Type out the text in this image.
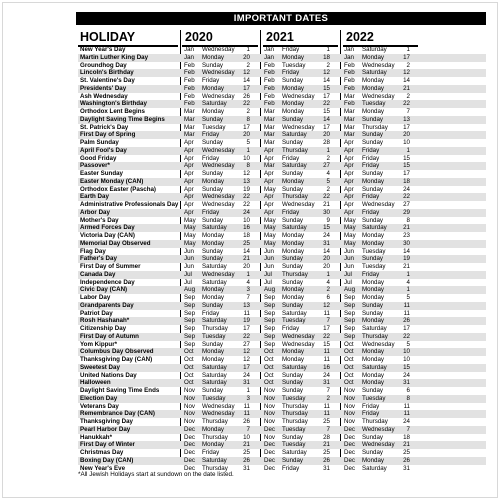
IMPORTANT DATES
HOLIDAY	2020	2021	2022
New Year's Day	Jan Wednesday	1 Jan Friday	1 Jan Saturday	1
Martin Luther King Day	Jan Monday	20 Jan Monday	18 Jan Monday	17
Groundhog Day	Feb Sunday	2 Feb Tuesday	2 Feb Wednesday	2
Lincoln's Birthday	Feb Wednesday	12 Feb Friday	12 Feb Saturday	12
St. Valentine's Day	Feb Friday	14 Feb Sunday	14 Feb Monday	14
Presidents' Day	Feb Monday	17 Feb Monday	15 Feb Monday	21
Ash Wednesday	Feb Wednesday	26 Feb Wednesday	17 Mar Wednesday	2
Washington's Birthday	Feb Saturday	22 Feb Monday	22 Feb Tuesday	22
Orthodox Lent Begins	Mar Monday	2 Mar Monday	15 Mar Monday	7
Daylight Saving Time Begins	Mar Sunday	8 Mar Sunday	14 Mar Sunday	13
St. Patrick's Day	Mar Tuesday	17 Mar Wednesday	17 Mar Thursday	17
First Day of Spring	Mar Friday	20 Mar Saturday	20 Mar Sunday	20
Palm Sunday	Apr Sunday	5 Mar Sunday	28 Apr Sunday	10
April Fool's Day	Apr Wednesday	1 Apr Thursday	1 Apr Friday	1
Good Friday	Apr Friday	10 Apr Friday	2 Apr Friday	15
Passover*	Apr Wednesday	8 Mar Saturday	27 Apr Friday	15
Easter Sunday	Apr Sunday	12 Apr Sunday	4 Apr Sunday	17
Easter Monday (CAN)	Apr Monday	13 Apr Monday	5 Apr Monday	18
Orthodox Easter (Pascha)	Apr Sunday	19 May Sunday	2 Apr Sunday	24
Earth Day	Apr Wednesday	22 Apr Thursday	22 Apr Friday	22
Administrative Professionals Day Apr Wednesday	22 Apr Wednesday	21 Apr Wednesday	27
Arbor Day	Apr Friday	24 Apr Friday	30 Apr Friday	29
Mother's Day	May Sunday	10 May Sunday	9 May Sunday	8
Armed Forces Day	May Saturday	16 May Saturday	15 May Saturday	21
Victoria Day (CAN)	May Monday	18 May Monday	24 May Monday	23
Memorial Day Observed	May Monday	25 May Monday	31 May Monday	30
Flag Day	Jun Sunday	14 Jun Monday	14 Jun Tuesday	14
Father's Day	Jun Sunday	21 Jun Sunday	20 Jun Sunday	19
First Day of Summer	Jun Saturday	20 Jun Sunday	20 Jun Tuesday	21
Canada Day	Jul Wednesday	1 Jul Thursday	1 Jul Friday	1
Independence Day	Jul Saturday	4 Jul Sunday	4 Jul Monday	4
Civic Day (CAN)	Aug Monday	3 Aug Monday	2 Aug Monday	1
Labor Day	Sep Monday	7 Sep Monday	6 Sep Monday	5
Grandparents Day	Sep Sunday	13 Sep Sunday	12 Sep Sunday	11
Patriot Day	Sep Friday	11 Sep Saturday	11 Sep Sunday	11
Rosh Hashanah*	Sep Saturday	19 Sep Tuesday	7 Sep Monday	26
Citizenship Day	Sep Thursday	17 Sep Friday	17 Sep Saturday	17
First Day of Autumn	Sep Tuesday	22 Sep Wednesday	22 Sep Thursday	22
Yom Kippur*	Sep Sunday	27 Sep Wednesday	15 Oct Wednesday	5
Columbus Day Observed	Oct Monday	12 Oct Monday	11 Oct Monday	10
Thanksgiving Day (CAN)	Oct Monday	12 Oct Monday	11 Oct Monday	10
Sweetest Day	Oct Saturday	17 Oct Saturday	16 Oct Saturday	15
United Nations Day	Oct Saturday	24 Oct Sunday	24 Oct Monday	24
Halloween	Oct Saturday	31 Oct Sunday	31 Oct Monday	31
Daylight Saving Time Ends	Nov Sunday	1 Nov Sunday	7 Nov Sunday	6
Election Day	Nov Tuesday	3 Nov Tuesday	2 Nov Tuesday	8
Veterans Day	Nov Wednesday	11 Nov Thursday	11 Nov Friday	11
Remembrance Day (CAN)	Nov Wednesday	11 Nov Thursday	11 Nov Friday	11
Thanksgiving Day	Nov Thursday	26 Nov Thursday	25 Nov Thursday	24
Pearl Harbor Day	Dec Monday	7 Dec Tuesday	7 Dec Wednesday	7
Hanukkah*	Dec Thursday	10 Nov Sunday	28 Dec Sunday	18
First Day of Winter	Dec Monday	21 Dec Tuesday	21 Dec Wednesday	21
Christmas Day	Dec Friday	25 Dec Saturday	25 Dec Sunday	25
Boxing Day (CAN)	Dec Saturday	26 Dec Sunday	26 Dec Monday	26
New Year's Eve	Dec Thursday	31 Dec Friday	31 Dec Saturday	31
*All Jewish Holidays start at sundown on the date listed.
